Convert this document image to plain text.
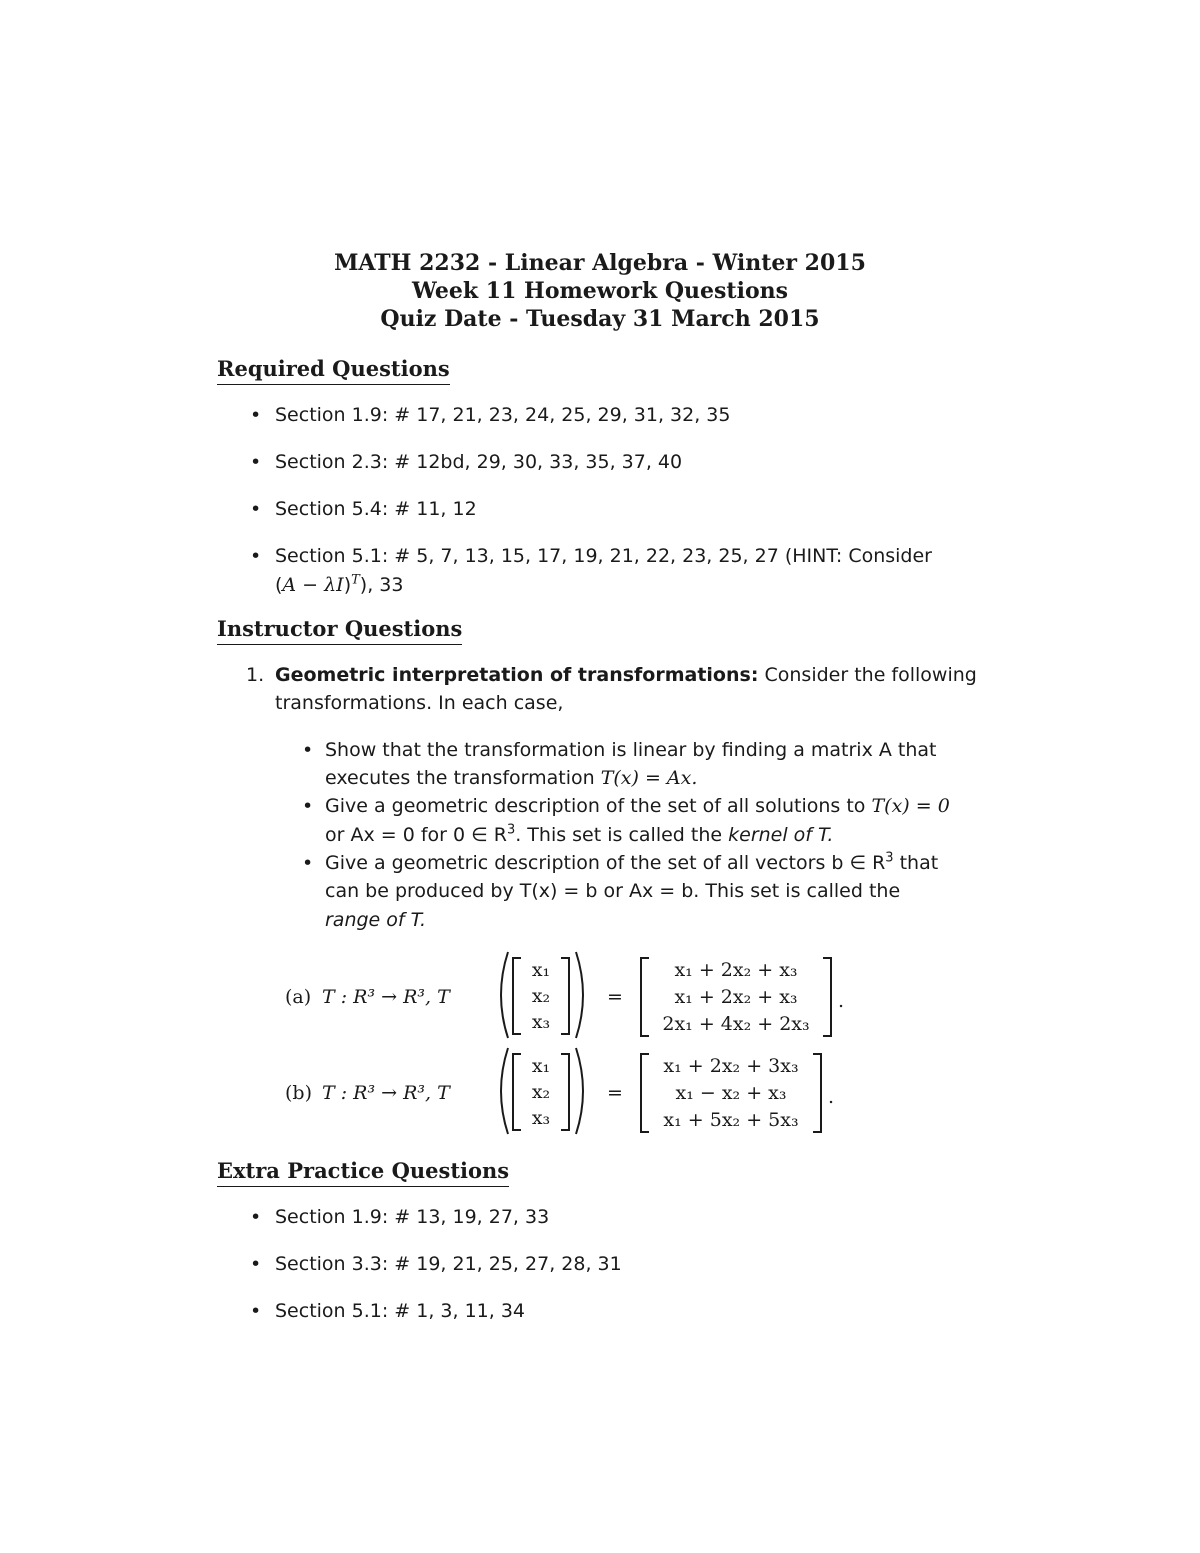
MATH 2232 - Linear Algebra - Winter 2015
Week 11 Homework Questions
Quiz Date - Tuesday 31 March 2015
Required Questions
• Section 1.9: # 17, 21, 23, 24, 25, 29, 31, 32, 35
• Section 2.3: # 12bd, 29, 30, 33, 35, 37, 40
• Section 5.4: # 11, 12
• Section 5.1: # 5, 7, 13, 15, 17, 19, 21, 22, 23, 25, 27 (HINT: Consider
$(A - \lambda I)^T$), 33
Instructor Questions
1. Geometric interpretation of transformations: Consider the following
transformations. In each case,
• Show that the transformation is linear by finding a matrix A that
executes the transformation T(x) = Ax.
• Give a geometric description of the set of all solutions to T(x) = 0
or Ax = 0 for 0 ∈ $R^3$. This set is called the kernel of T.
• Give a geometric description of the set of all vectors b ∈ $R^3$ that
can be produced by T(x) = b or Ax = b. This set is called the
range of T.
(a) T : R³ → R³, T
x₁
x₂
x₃
=
x₁ + 2x₂ + x₃
x₁ + 2x₂ + x₃
2x₁ + 4x₂ + 2x₃
.
(b) T : R³ → R³, T
x₁
x₂
x₃
=
x₁ + 2x₂ + 3x₃
x₁ − x₂ + x₃
x₁ + 5x₂ + 5x₃
.
Extra Practice Questions
• Section 1.9: # 13, 19, 27, 33
• Section 3.3: # 19, 21, 25, 27, 28, 31
• Section 5.1: # 1, 3, 11, 34
